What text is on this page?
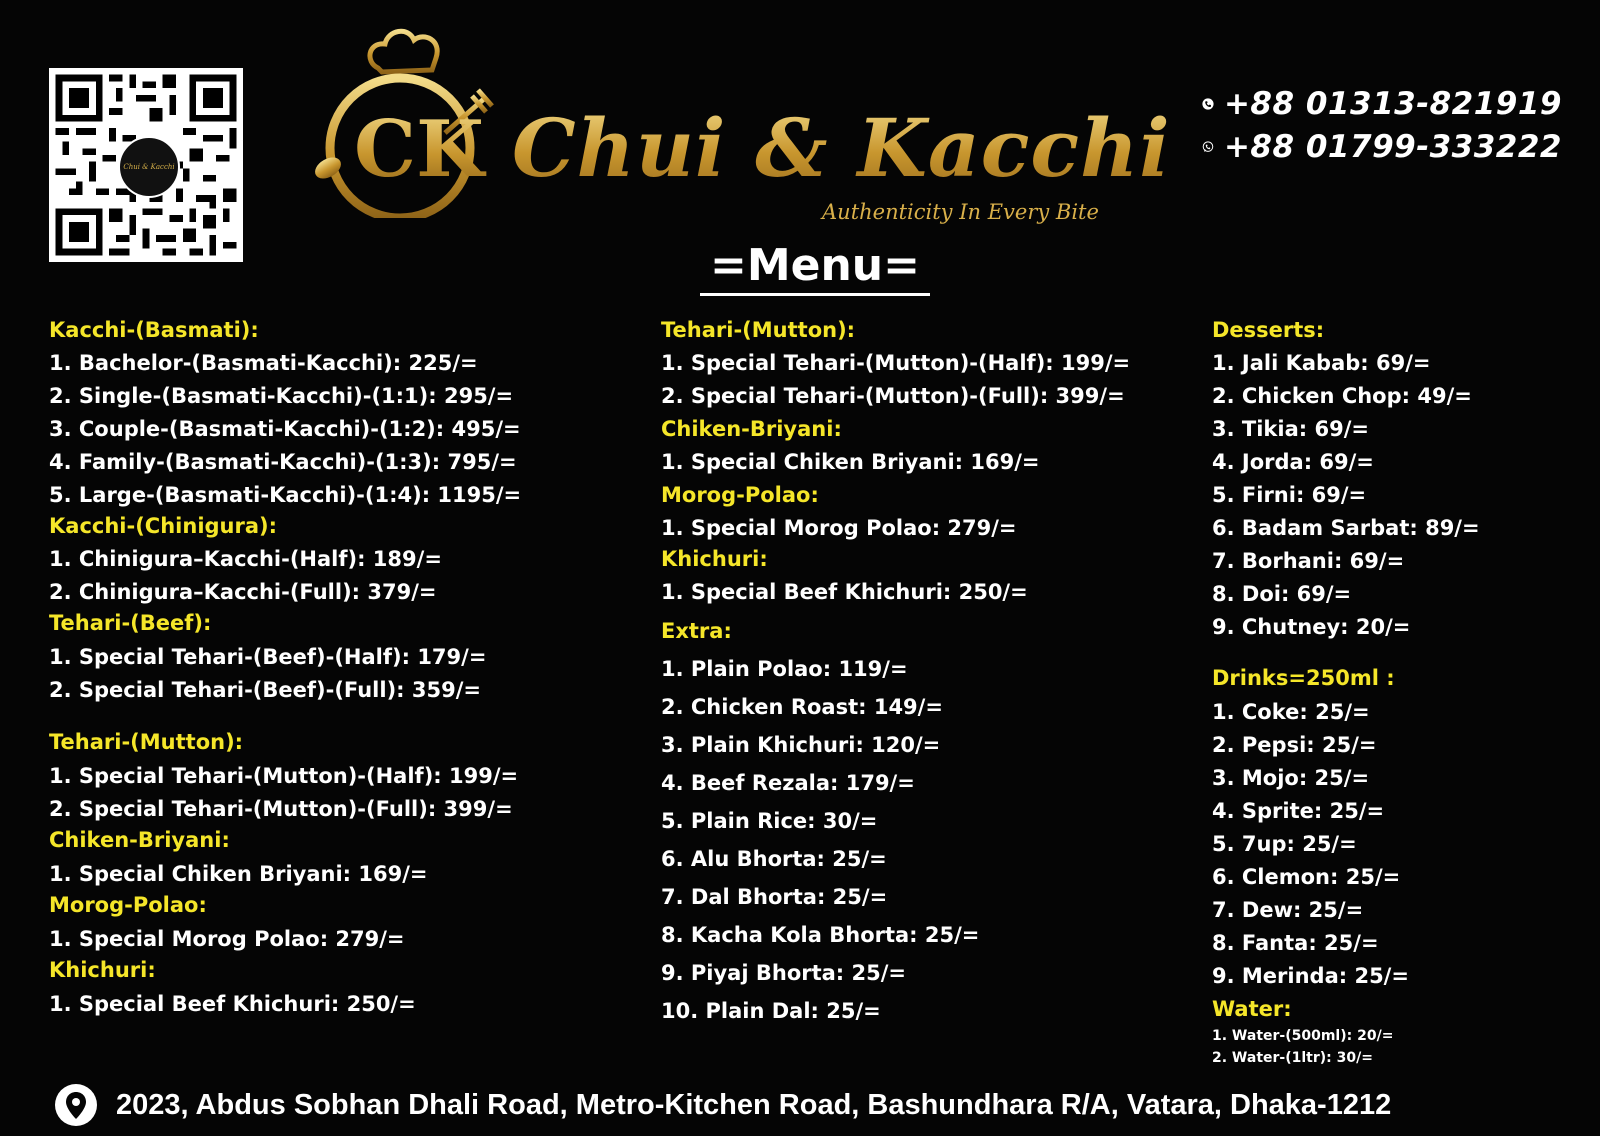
Chui & Kacchi CK Chui & Kacchi
Authenticity In Every Bite
+88 01313-821919
+88 01799-333222
=Menu=
Kacchi-(Basmati):
1. Bachelor-(Basmati-Kacchi): 225/=
2. Single-(Basmati-Kacchi)-(1:1): 295/=
3. Couple-(Basmati-Kacchi)-(1:2): 495/=
4. Family-(Basmati-Kacchi)-(1:3): 795/=
5. Large-(Basmati-Kacchi)-(1:4): 1195/=
Kacchi-(Chinigura):
1. Chinigura–Kacchi-(Half): 189/=
2. Chinigura–Kacchi-(Full): 379/=
Tehari-(Beef):
1. Special Tehari-(Beef)-(Half): 179/=
2. Special Tehari-(Beef)-(Full): 359/=
Tehari-(Mutton):
1. Special Tehari-(Mutton)-(Half): 199/=
2. Special Tehari-(Mutton)-(Full): 399/=
Chiken-Briyani:
1. Special Chiken Briyani: 169/=
Morog-Polao:
1. Special Morog Polao: 279/=
Khichuri:
1. Special Beef Khichuri: 250/=
Tehari-(Mutton):
1. Special Tehari-(Mutton)-(Half): 199/=
2. Special Tehari-(Mutton)-(Full): 399/=
Chiken-Briyani:
1. Special Chiken Briyani: 169/=
Morog-Polao:
1. Special Morog Polao: 279/=
Khichuri:
1. Special Beef Khichuri: 250/=
Extra:
1. Plain Polao: 119/=
2. Chicken Roast: 149/=
3. Plain Khichuri: 120/=
4. Beef Rezala: 179/=
5. Plain Rice: 30/=
6. Alu Bhorta: 25/=
7. Dal Bhorta: 25/=
8. Kacha Kola Bhorta: 25/=
9. Piyaj Bhorta: 25/=
10. Plain Dal: 25/=
Desserts:
1. Jali Kabab: 69/=
2. Chicken Chop: 49/=
3. Tikia: 69/=
4. Jorda: 69/=
5. Firni: 69/=
6. Badam Sarbat: 89/=
7. Borhani: 69/=
8. Doi: 69/=
9. Chutney: 20/=
Drinks=250ml :
1. Coke: 25/=
2. Pepsi: 25/=
3. Mojo: 25/=
4. Sprite: 25/=
5. 7up: 25/=
6. Clemon: 25/=
7. Dew: 25/=
8. Fanta: 25/=
9. Merinda: 25/=
Water:
1. Water-(500ml): 20/=
2. Water-(1ltr): 30/=
2023, Abdus Sobhan Dhali Road, Metro-Kitchen Road, Bashundhara R/A, Vatara, Dhaka-1212
